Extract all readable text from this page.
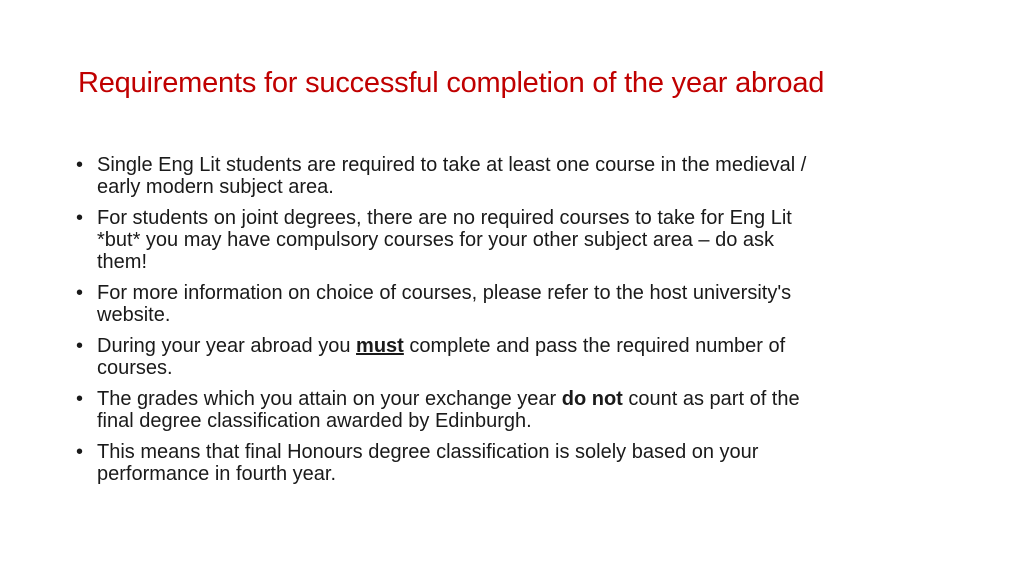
Requirements for successful completion of the year abroad
• Single Eng Lit students are required to take at least one course in the medieval /
early modern subject area.
• For students on joint degrees, there are no required courses to take for Eng Lit
*but* you may have compulsory courses for your other subject area – do ask
them!
• For more information on choice of courses, please refer to the host university's
website.
• During your year abroad you must complete and pass the required number of
courses.
• The grades which you attain on your exchange year do not count as part of the
final degree classification awarded by Edinburgh.
• This means that final Honours degree classification is solely based on your
performance in fourth year.
